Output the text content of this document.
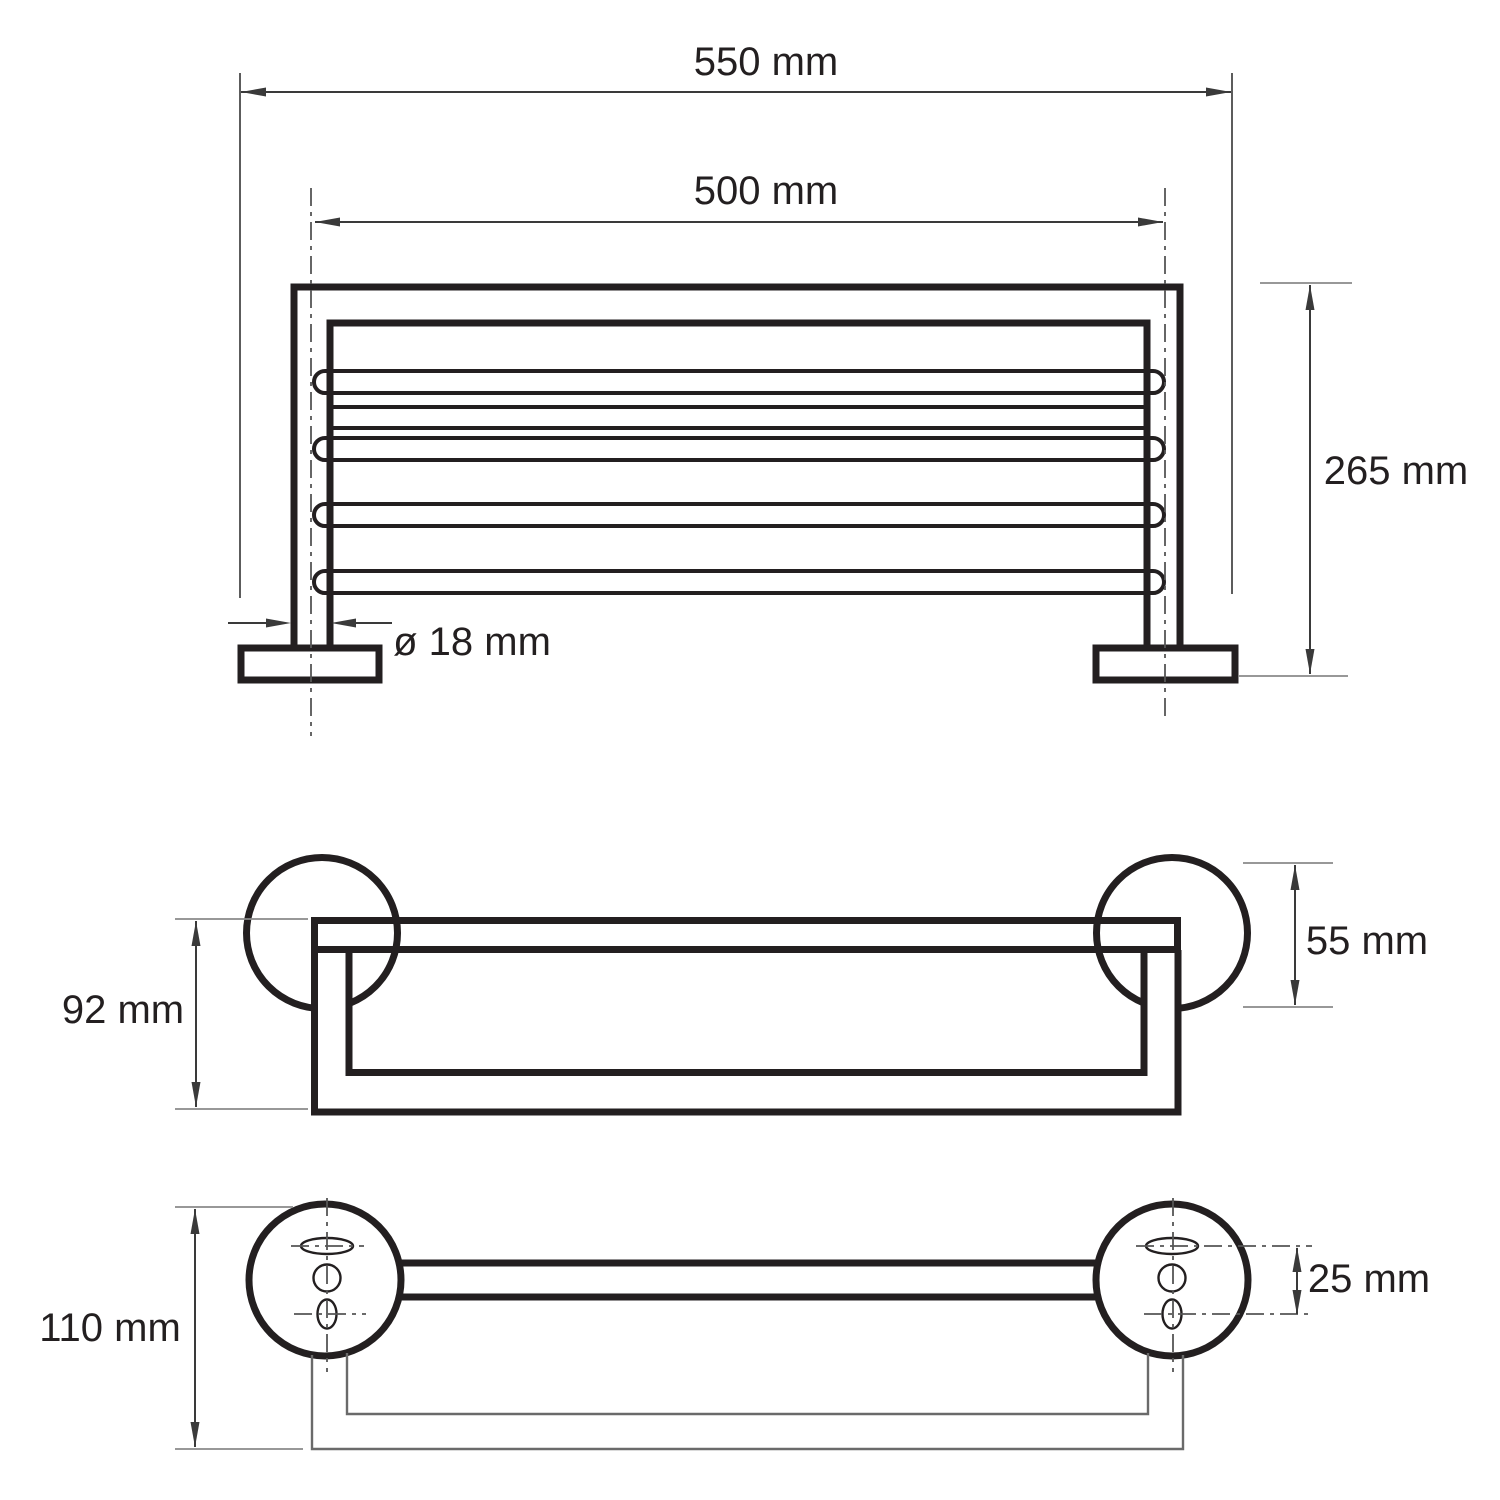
550 mm
500 mm
265 mm
ø 18 mm
92 mm
55 mm
110 mm
25 mm
